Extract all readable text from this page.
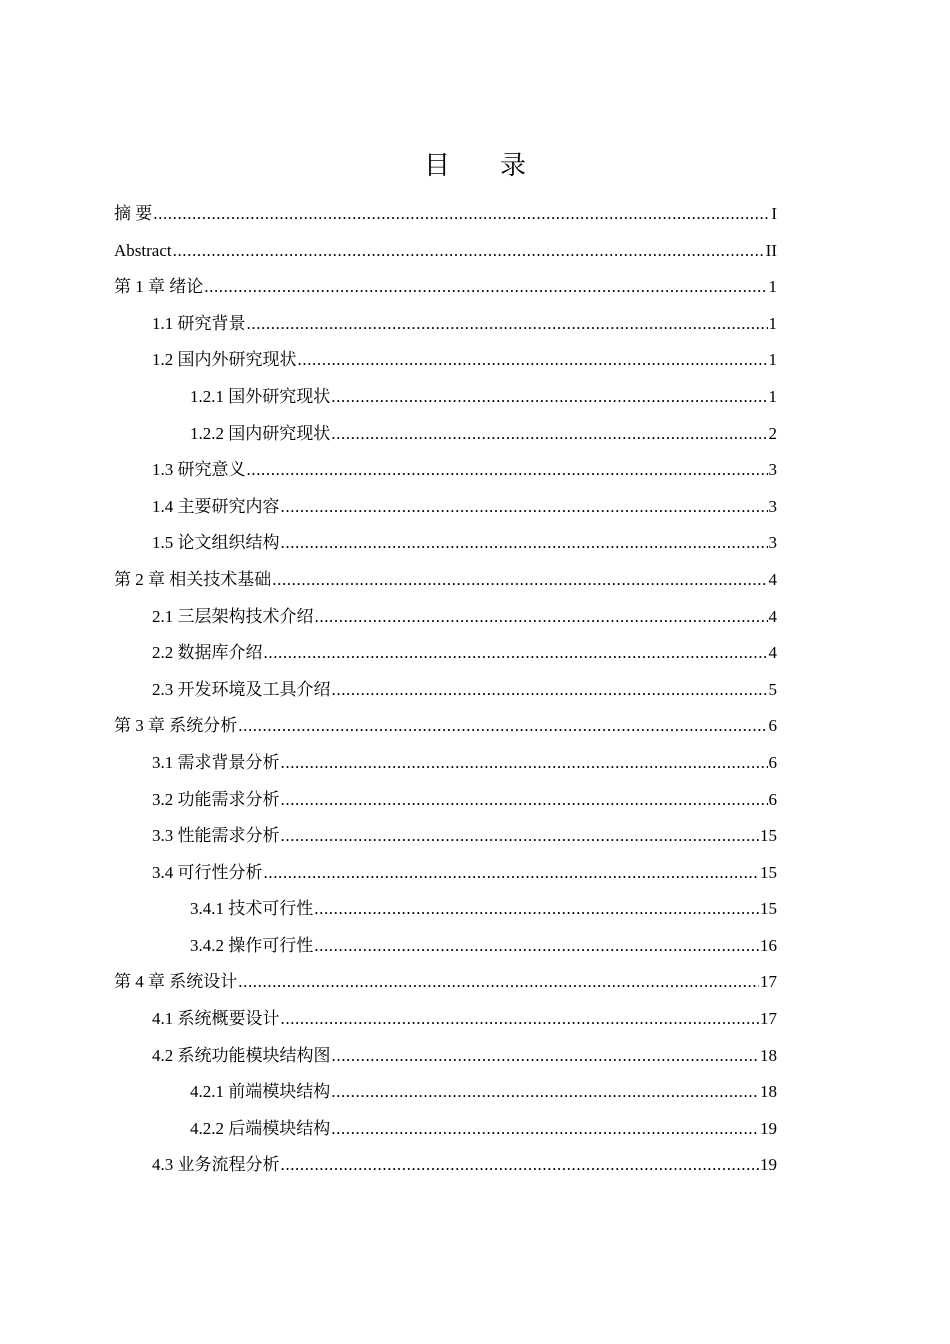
目 录
摘 要 .....	I
Abstract .....	II
第 1 章 绪论 .....	1
1.1 研究背景 .....	1
1.2 国内外研究现状 .....	1
1.2.1 国外研究现状 .....	1
1.2.2 国内研究现状 .....	2
1.3 研究意义 .....	3
1.4 主要研究内容 .....	3
1.5 论文组织结构 .....	3
第 2 章 相关技术基础 .....	4
2.1 三层架构技术介绍 .....	4
2.2 数据库介绍 .....	4
2.3 开发环境及工具介绍 .....	5
第 3 章 系统分析 .....	6
3.1 需求背景分析 .....	6
3.2 功能需求分析 .....	6
3.3 性能需求分析 .....	15
3.4 可行性分析 .....	15
3.4.1 技术可行性 .....	15
3.4.2 操作可行性 .....	16
第 4 章 系统设计 .....	17
4.1 系统概要设计 .....	17
4.2 系统功能模块结构图 .....	18
4.2.1 前端模块结构 .....	18
4.2.2 后端模块结构 .....	19
4.3 业务流程分析 .....	19
